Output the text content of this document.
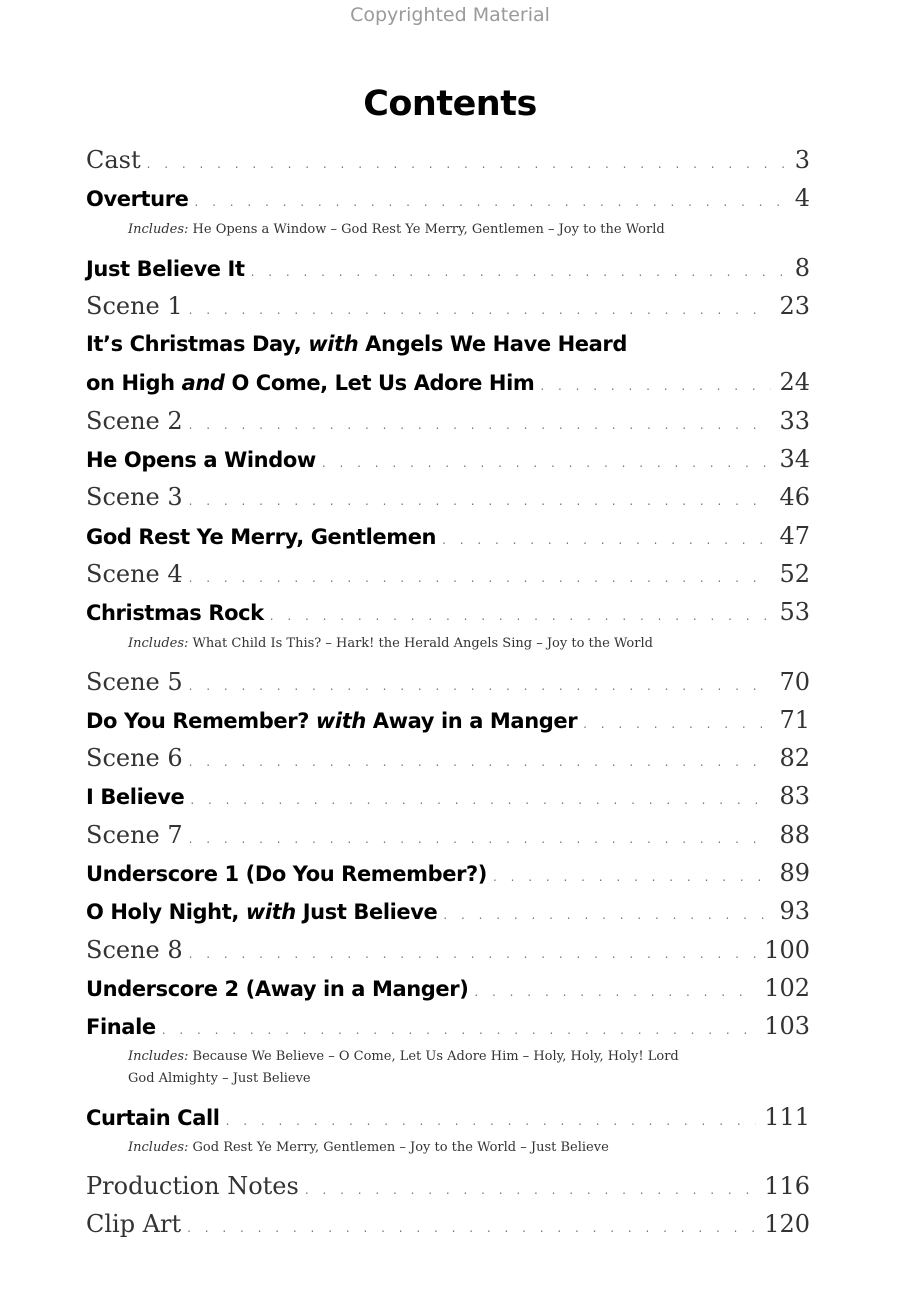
Copyrighted Material
Contents
Cast . . .	3
Overture . . .	4
Includes: He Opens a Window – God Rest Ye Merry, Gentlemen – Joy to the World
Just Believe It . . .	8
Scene 1 . . .	23
It’s Christmas Day, with Angels We Have Heard
on High and O Come, Let Us Adore Him . . .	24
Scene 2 . . .	33
He Opens a Window . . .	34
Scene 3 . . .	46
God Rest Ye Merry, Gentlemen . . .	47
Scene 4 . . .	52
Christmas Rock . . .	53
Includes: What Child Is This? – Hark! the Herald Angels Sing – Joy to the World
Scene 5 . . .	70
Do You Remember? with Away in a Manger . . .	71
Scene 6 . . .	82
I Believe . . .	83
Scene 7 . . .	88
Underscore 1 (Do You Remember?) . . .	89
O Holy Night, with Just Believe . . .	93
Scene 8 . . .	100
Underscore 2 (Away in a Manger) . . .	102
Finale . . .	103
Includes: Because We Believe – O Come, Let Us Adore Him – Holy, Holy, Holy! Lord
God Almighty – Just Believe
Curtain Call . . .	111
Includes: God Rest Ye Merry, Gentlemen – Joy to the World – Just Believe
Production Notes . . .	116
Clip Art . . .	120
